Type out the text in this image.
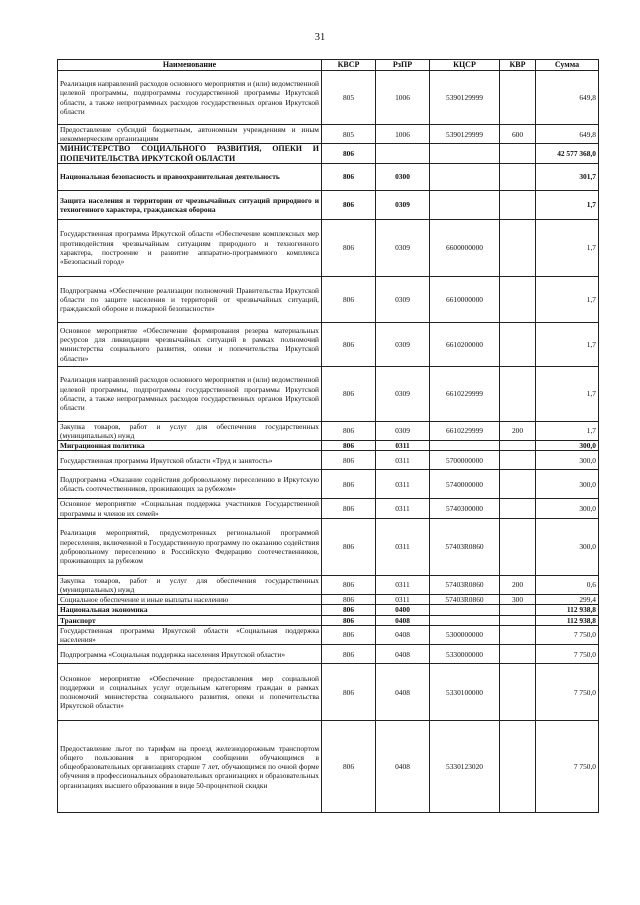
31
Наименование	КВСР	РзПР	КЦСР	КВР	Сумма
Реализация направлений расходов основного мероприятия и (или) ведомственной целевой программы, подпрограммы государственной программы Иркутской области, а также непрограммных расходов государственных органов Иркутской области	805	1006	5390129999		649,8
Предоставление субсидий бюджетным, автономным учреждениям и иным некоммерческим организациям	805	1006	5390129999	600	649,8
МИНИСТЕРСТВО СОЦИАЛЬНОГО РАЗВИТИЯ, ОПЕКИ И ПОПЕЧИТЕЛЬСТВА ИРКУТСКОЙ ОБЛАСТИ	806				42 577 368,0
Национальная безопасность и правоохранительная деятельность	806	0300			301,7
Защита населения и территории от чрезвычайных ситуаций природного и техногенного характера, гражданская оборона	806	0309			1,7
Государственная программа Иркутской области «Обеспечение комплексных мер противодействия чрезвычайным ситуациям природного и техногенного характера, построение и развитие аппаратно-программного комплекса «Безопасный город»	806	0309	6600000000		1,7
Подпрограмма «Обеспечение реализации полномочий Правительства Иркутской области по защите населения и территорий от чрезвычайных ситуаций, гражданской обороне и пожарной безопасности»	806	0309	6610000000		1,7
Основное мероприятие «Обеспечение формирования резерва материальных ресурсов для ликвидации чрезвычайных ситуаций в рамках полномочий министерства социального развития, опеки и попечительства Иркутской области»	806	0309	6610200000		1,7
Реализация направлений расходов основного мероприятия и (или) ведомственной целевой программы, подпрограммы государственной программы Иркутской области, а также непрограммных расходов государственных органов Иркутской области	806	0309	6610229999		1,7
Закупка товаров, работ и услуг для обеспечения государственных (муниципальных) нужд	806	0309	6610229999	200	1,7
Миграционная политика	806	0311			300,0
Государственная программа Иркутской области «Труд и занятость»	806	0311	5700000000		300,0
Подпрограмма «Оказание содействия добровольному переселению в Иркутскую область соотечественников, проживающих за рубежом»	806	0311	5740000000		300,0
Основное мероприятие «Социальная поддержка участников Государственной программы и членов их семей»	806	0311	5740300000		300,0
Реализация мероприятий, предусмотренных региональной программой переселения, включенной в Государственную программу по оказанию содействия добровольному переселению в Российскую Федерацию соотечественников, проживающих за рубежом	806	0311	57403R0860		300,0
Закупка товаров, работ и услуг для обеспечения государственных (муниципальных) нужд	806	0311	57403R0860	200	0,6
Социальное обеспечение и иные выплаты населению	806	0311	57403R0860	300	299,4
Национальная экономика	806	0400			112 938,8
Транспорт	806	0408			112 938,8
Государственная программа Иркутской области «Социальная поддержка населения»	806	0408	5300000000		7 750,0
Подпрограмма «Социальная поддержка населения Иркутской области»	806	0408	5330000000		7 750,0
Основное мероприятие «Обеспечение предоставления мер социальной поддержки и социальных услуг отдельным категориям граждан в рамках полномочий министерства социального развития, опеки и попечительства Иркутской области»	806	0408	5330100000		7 750,0
Предоставление льгот по тарифам на проезд железнодорожным транспортом общего пользования в пригородном сообщении обучающимся в общеобразовательных организациях старше 7 лет, обучающимся по очной форме обучения в профессиональных образовательных организациях и образовательных организациях высшего образования в виде 50-процентной скидки	806	0408	5330123020		7 750,0
